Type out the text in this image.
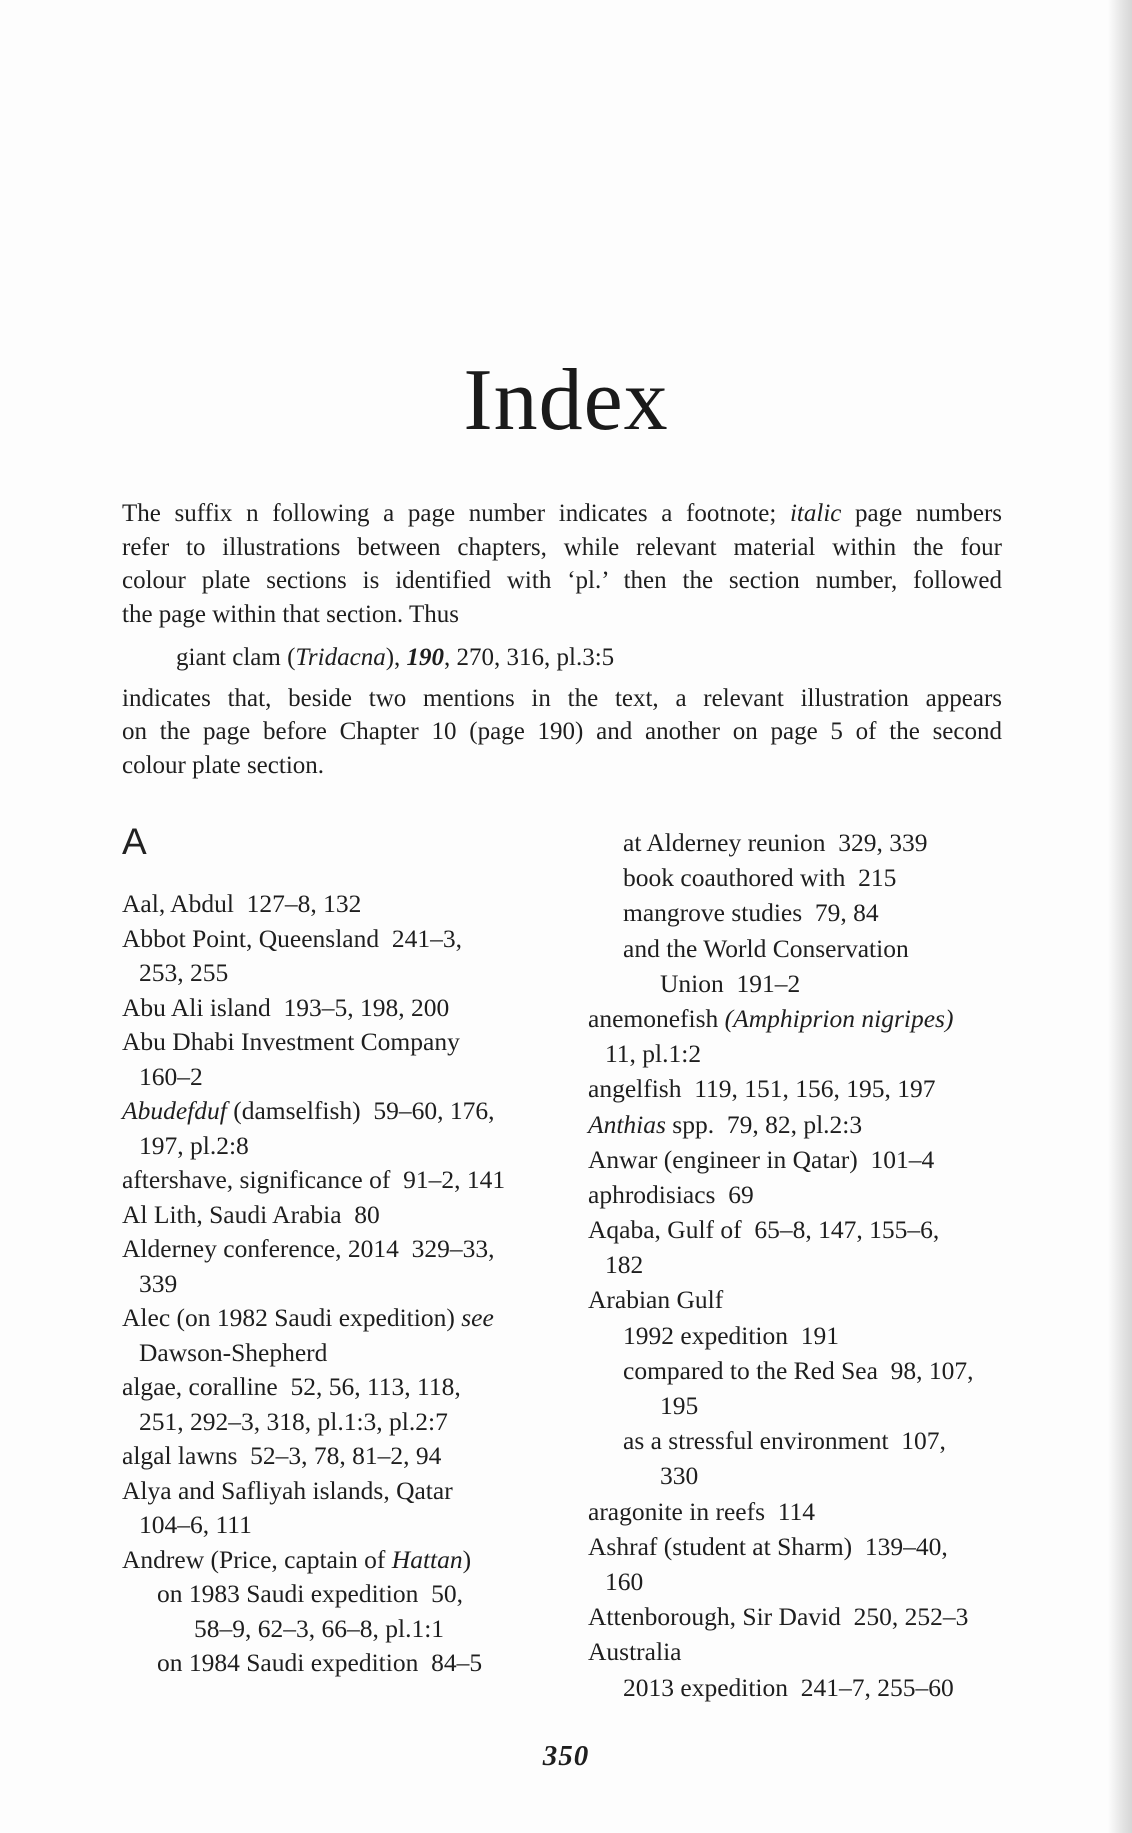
Index
The suffix n following a page number indicates a footnote; italic page numbers
refer to illustrations between chapters, while relevant material within the four
colour plate sections is identified with ‘pl.’ then the section number, followed
the page within that section. Thus
giant clam (Tridacna), 190, 270, 316, pl.3:5
indicates that, beside two mentions in the text, a relevant illustration appears
on the page before Chapter 10 (page 190) and another on page 5 of the second
colour plate section.
A
Aal, Abdul 127–8, 132
Abbot Point, Queensland 241–3,
253, 255
Abu Ali island 193–5, 198, 200
Abu Dhabi Investment Company
160–2
Abudefduf (damselfish) 59–60, 176,
197, pl.2:8
aftershave, significance of 91–2, 141
Al Lith, Saudi Arabia 80
Alderney conference, 2014 329–33,
339
Alec (on 1982 Saudi expedition) see
Dawson-Shepherd
algae, coralline 52, 56, 113, 118,
251, 292–3, 318, pl.1:3, pl.2:7
algal lawns 52–3, 78, 81–2, 94
Alya and Safliyah islands, Qatar
104–6, 111
Andrew (Price, captain of Hattan)
on 1983 Saudi expedition 50,
58–9, 62–3, 66–8, pl.1:1
on 1984 Saudi expedition 84–5
at Alderney reunion 329, 339
book coauthored with 215
mangrove studies 79, 84
and the World Conservation
Union 191–2
anemonefish (Amphiprion nigripes)
11, pl.1:2
angelfish 119, 151, 156, 195, 197
Anthias spp. 79, 82, pl.2:3
Anwar (engineer in Qatar) 101–4
aphrodisiacs 69
Aqaba, Gulf of 65–8, 147, 155–6,
182
Arabian Gulf
1992 expedition 191
compared to the Red Sea 98, 107,
195
as a stressful environment 107,
330
aragonite in reefs 114
Ashraf (student at Sharm) 139–40,
160
Attenborough, Sir David 250, 252–3
Australia
2013 expedition 241–7, 255–60
350
